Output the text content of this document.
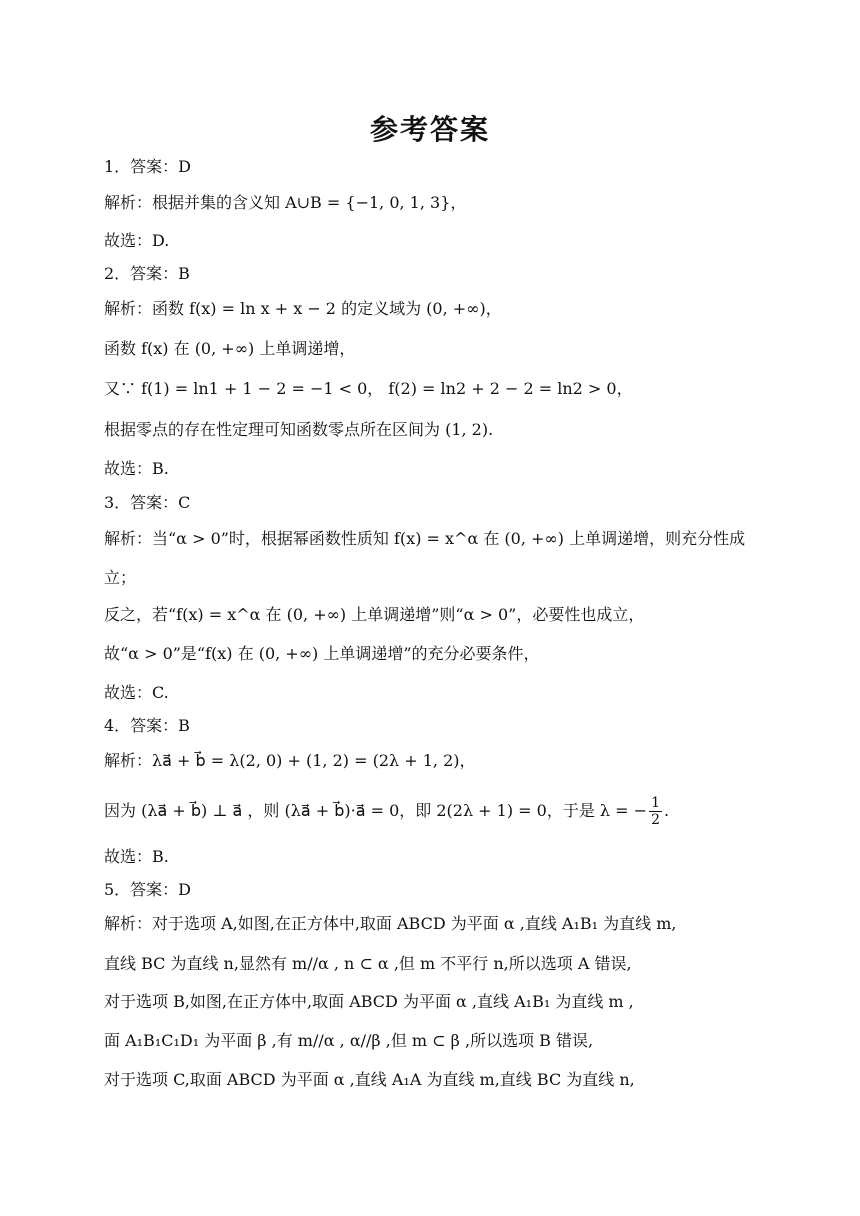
参考答案
1．答案：D
解析：根据并集的含义知 A∪B = {−1, 0, 1, 3}，
故选：D.
2．答案：B
解析：函数 f(x) = ln x + x − 2 的定义域为 (0, +∞)，
函数 f(x) 在 (0, +∞) 上单调递增，
又∵ f(1) = ln1 + 1 − 2 = −1 < 0， f(2) = ln2 + 2 − 2 = ln2 > 0，
根据零点的存在性定理可知函数零点所在区间为 (1, 2).
故选：B.
3．答案：C
解析：当“α > 0”时，根据幂函数性质知 f(x) = x^α 在 (0, +∞) 上单调递增，则充分性成
立；
反之，若“f(x) = x^α 在 (0, +∞) 上单调递增”则“α > 0”，必要性也成立，
故“α > 0”是“f(x) 在 (0, +∞) 上单调递增”的充分必要条件，
故选：C.
4．答案：B
解析：λa⃗ + b⃗ = λ(2, 0) + (1, 2) = (2λ + 1, 2)，
因为 (λa⃗ + b⃗) ⊥ a⃗ ，则 (λa⃗ + b⃗)·a⃗ = 0，即 2(2λ + 1) = 0，于是 λ = − $\frac{1}{2}$ .
故选：B.
5．答案：D
解析：对于选项 A,如图,在正方体中,取面 ABCD 为平面 α ,直线 A₁B₁ 为直线 m,
直线 BC 为直线 n,显然有 m//α , n ⊂ α ,但 m 不平行 n,所以选项 A 错误,
对于选项 B,如图,在正方体中,取面 ABCD 为平面 α ,直线 A₁B₁ 为直线 m ,
面 A₁B₁C₁D₁ 为平面 β ,有 m//α , α//β ,但 m ⊂ β ,所以选项 B 错误,
对于选项 C,取面 ABCD 为平面 α ,直线 A₁A 为直线 m,直线 BC 为直线 n,
